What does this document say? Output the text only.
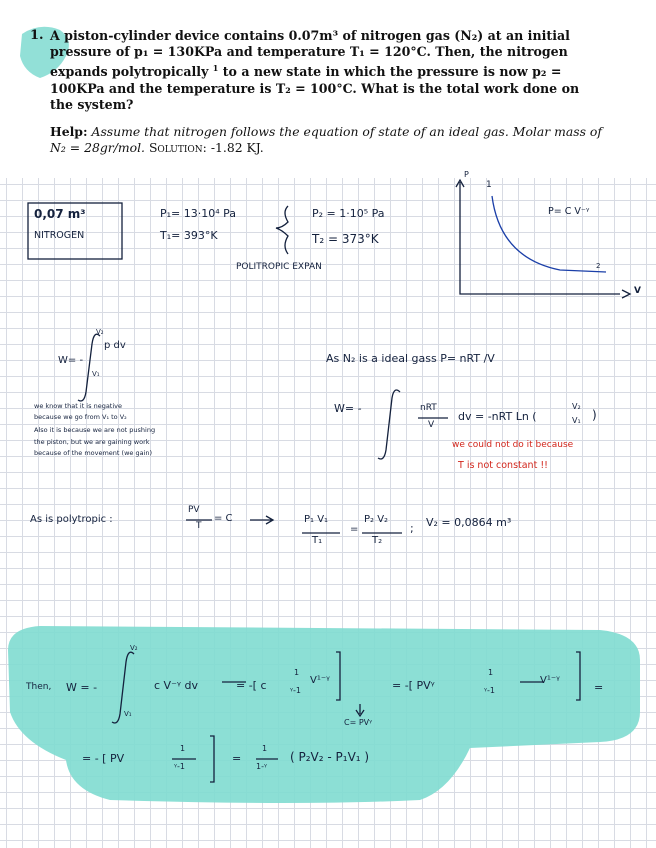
1. A piston-cylinder device contains 0.07m³ of nitrogen gas (N₂) at an initial pressure of p₁ = 130KPa and temperature T₁ = 120°C. Then, the nitrogen expands polytropically $^1$ to a new state in which the pressure is now p₂ = 100KPa and the temperature is T₂ = 100°C. What is the total work done on the system?
Help: Assume that nitrogen follows the equation of state of an ideal gas. Molar mass of N₂ = 28gr/mol. Solution: -1.82 KJ.
0,07 m³
NITROGEN
P₁= 13·10⁴ Pa
T₁= 393°K
P₂ = 1·10⁵ Pa
T₂ = 373°K
POLITROPIC EXPAN
P
V
1
2
P= C V⁻ᵞ
W= -
p dv
V₂
V₁
we know that it is negative
because we go from V₁ to V₂
Also it is because we are not pushing
the piston, but we are gaining work
because of the movement (we gain)
As N₂ is a ideal gass P= nRT /V
W= -	nRT
V
dv = -nRT Ln (
V₂
V₁ )
we could not do it because
T is not constant !!
As is polytropic :
PV
T
= C	P₁ V₁
T₁
=
P₂ V₂
T₂
; V₂ = 0,0864 m³
Then, W = -
V₂
V₁
c V⁻ᵞ dv	= -[ c
1
ᵞ-1
V¹⁻ᵞ	= -[ PVᵞ
1
ᵞ-1
V¹⁻ᵞ
=
C= PVᵞ
= - [ PV
1
ᵞ-1
=
1
1-ᵞ
( P₂V₂ - P₁V₁ )
